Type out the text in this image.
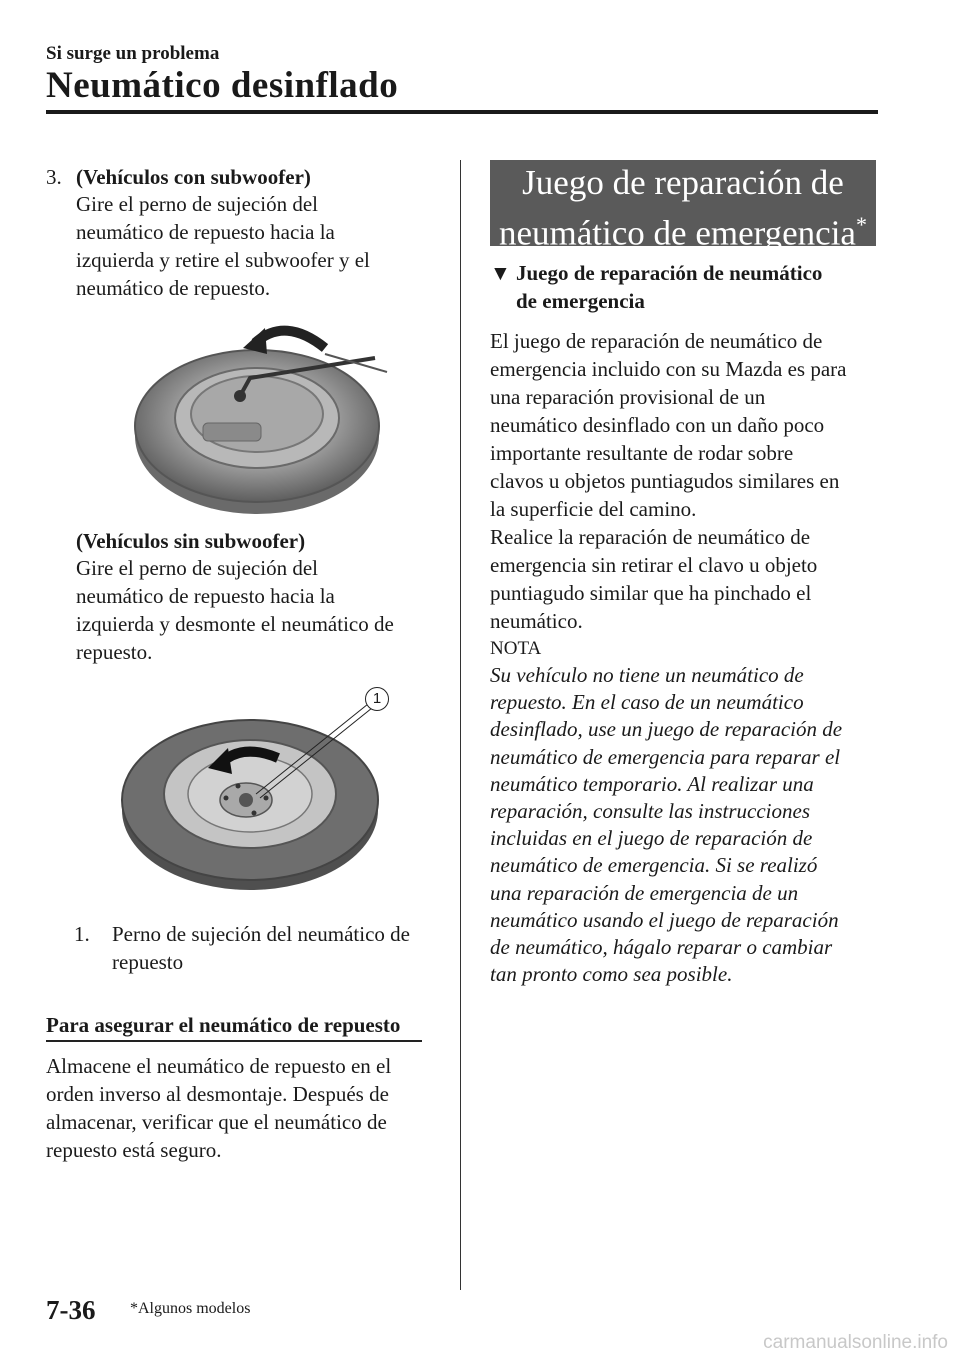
Si surge un problema
Neumático desinflado
3. (Vehículos con subwoofer)
Gire el perno de sujeción del
neumático de repuesto hacia la
izquierda y retire el subwoofer y el
neumático de repuesto.
(Vehículos sin subwoofer)
Gire el perno de sujeción del
neumático de repuesto hacia la
izquierda y desmonte el neumático de
repuesto.
1
1. Perno de sujeción del neumático de
repuesto
Para asegurar el neumático de repuesto
Almacene el neumático de repuesto en el
orden inverso al desmontaje. Después de
almacenar, verificar que el neumático de
repuesto está seguro.
Juego de reparación de
neumático de emergencia*
▼ Juego de reparación de neumático
de emergencia
El juego de reparación de neumático de
emergencia incluido con su Mazda es para
una reparación provisional de un
neumático desinflado con un daño poco
importante resultante de rodar sobre
clavos u objetos puntiagudos similares en
la superficie del camino.
Realice la reparación de neumático de
emergencia sin retirar el clavo u objeto
puntiagudo similar que ha pinchado el
neumático.
NOTA
Su vehículo no tiene un neumático de
repuesto. En el caso de un neumático
desinflado, use un juego de reparación de
neumático de emergencia para reparar el
neumático temporario. Al realizar una
reparación, consulte las instrucciones
incluidas en el juego de reparación de
neumático de emergencia. Si se realizó
una reparación de emergencia de un
neumático usando el juego de reparación
de neumático, hágalo reparar o cambiar
tan pronto como sea posible.
7-36 *Algunos modelos
carmanualsonline.info
